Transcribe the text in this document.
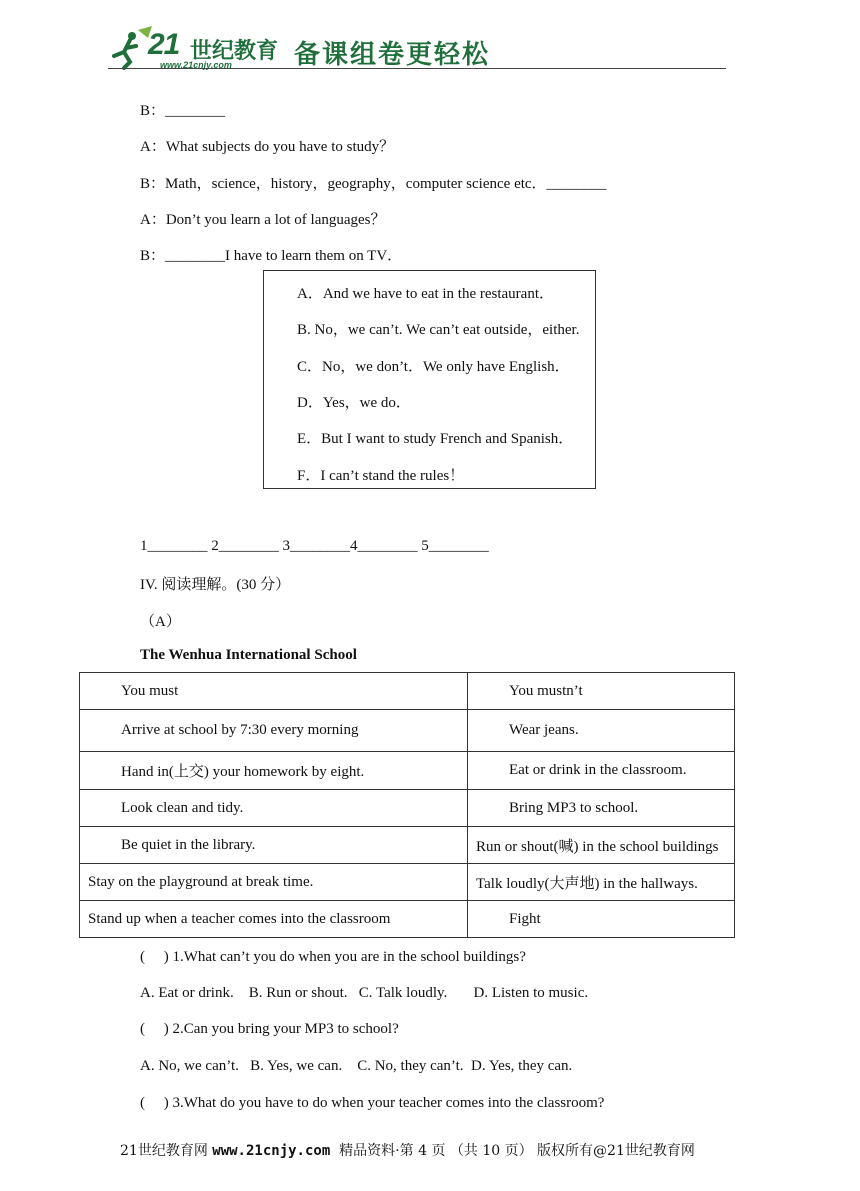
21 世纪教育
www.21cnjy.com 备课组卷更轻松
B：________
A：What subjects do you have to study？
B：Math，science，history，geography，computer science etc．________
A：Don’t you learn a lot of languages？
B：________I have to learn them on TV．
A．And we have to eat in the restaurant．
B. No，we can’t. We can’t eat outside，either.
C．No，we don’t．We only have English．
D．Yes，we do．
E．But I want to study French and Spanish．
F．I can’t stand the rules！
1________ 2________ 3________4________ 5________
IV. 阅读理解。(30 分）
（A）
The Wenhua International School
You must	You mustn’t
Arrive at school by 7:30 every morning	Wear jeans.
Hand in(上交) your homework by eight.	Eat or drink in the classroom.
Look clean and tidy.	Bring MP3 to school.
Be quiet in the library.	Run or shout(喊) in the school buildings
Stay on the playground at break time.	Talk loudly(大声地) in the hallways.
Stand up when a teacher comes into the classroom	Fight
(     ) 1.What can’t you do when you are in the school buildings?
A. Eat or drink.    B. Run or shout.   C. Talk loudly.       D. Listen to music.
(     ) 2.Can you bring your MP3 to school?
A. No, we can’t.   B. Yes, we can.    C. No, they can’t.  D. Yes, they can.
(     ) 3.What do you have to do when your teacher comes into the classroom?
21世纪教育网 www.21cnjy.com  精品资料·第 4 页 （共 10 页） 版权所有@21世纪教育网
